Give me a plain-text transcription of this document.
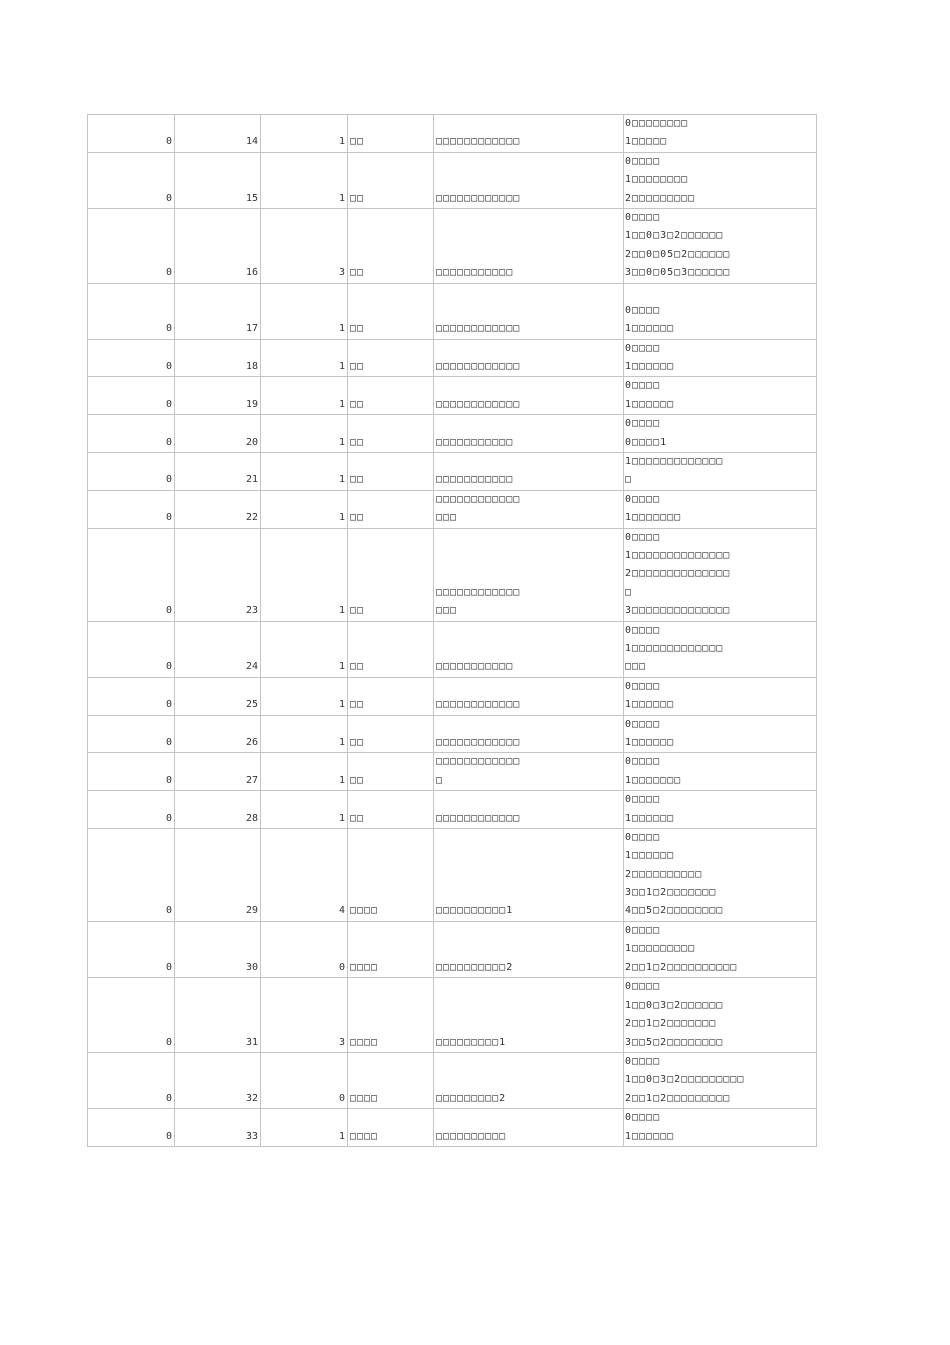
0	14	1	□□	□□□□□□□□□□□□	0□□□□□□□□
1□□□□□

0	15	1	□□	□□□□□□□□□□□□	0□□□□
1□□□□□□□□
2□□□□□□□□□

0	16	3	□□	□□□□□□□□□□□	0□□□□
1□□0□3□2□□□□□□
2□□0□05□2□□□□□□
3□□0□05□3□□□□□□

0	17	1	□□	□□□□□□□□□□□□	0□□□□
1□□□□□□

0	18	1	□□	□□□□□□□□□□□□	0□□□□
1□□□□□□

0	19	1	□□	□□□□□□□□□□□□	0□□□□
1□□□□□□

0	20	1	□□	□□□□□□□□□□□	0□□□□
0□□□□1

0	21	1	□□	□□□□□□□□□□□	1□□□□□□□□□□□□□
□

0	22	1	□□	□□□□□□□□□□□□
□□□	0□□□□
1□□□□□□□

0	23	1	□□	□□□□□□□□□□□□
□□□	0□□□□
1□□□□□□□□□□□□□□
2□□□□□□□□□□□□□□
□
3□□□□□□□□□□□□□□

0	24	1	□□	□□□□□□□□□□□	0□□□□
1□□□□□□□□□□□□□
□□□

0	25	1	□□	□□□□□□□□□□□□	0□□□□
1□□□□□□

0	26	1	□□	□□□□□□□□□□□□	0□□□□
1□□□□□□

0	27	1	□□	□□□□□□□□□□□□
□	0□□□□
1□□□□□□□

0	28	1	□□	□□□□□□□□□□□□	0□□□□
1□□□□□□

0	29	4	□□□□	□□□□□□□□□□1	0□□□□
1□□□□□□
2□□□□□□□□□□
3□□1□2□□□□□□□
4□□5□2□□□□□□□□

0	30	0	□□□□	□□□□□□□□□□2	0□□□□
1□□□□□□□□□
2□□1□2□□□□□□□□□□

0	31	3	□□□□	□□□□□□□□□1	0□□□□
1□□0□3□2□□□□□□
2□□1□2□□□□□□□
3□□5□2□□□□□□□□

0	32	0	□□□□	□□□□□□□□□2	0□□□□
1□□0□3□2□□□□□□□□□
2□□1□2□□□□□□□□□

0	33	1	□□□□	□□□□□□□□□□	0□□□□
1□□□□□□
